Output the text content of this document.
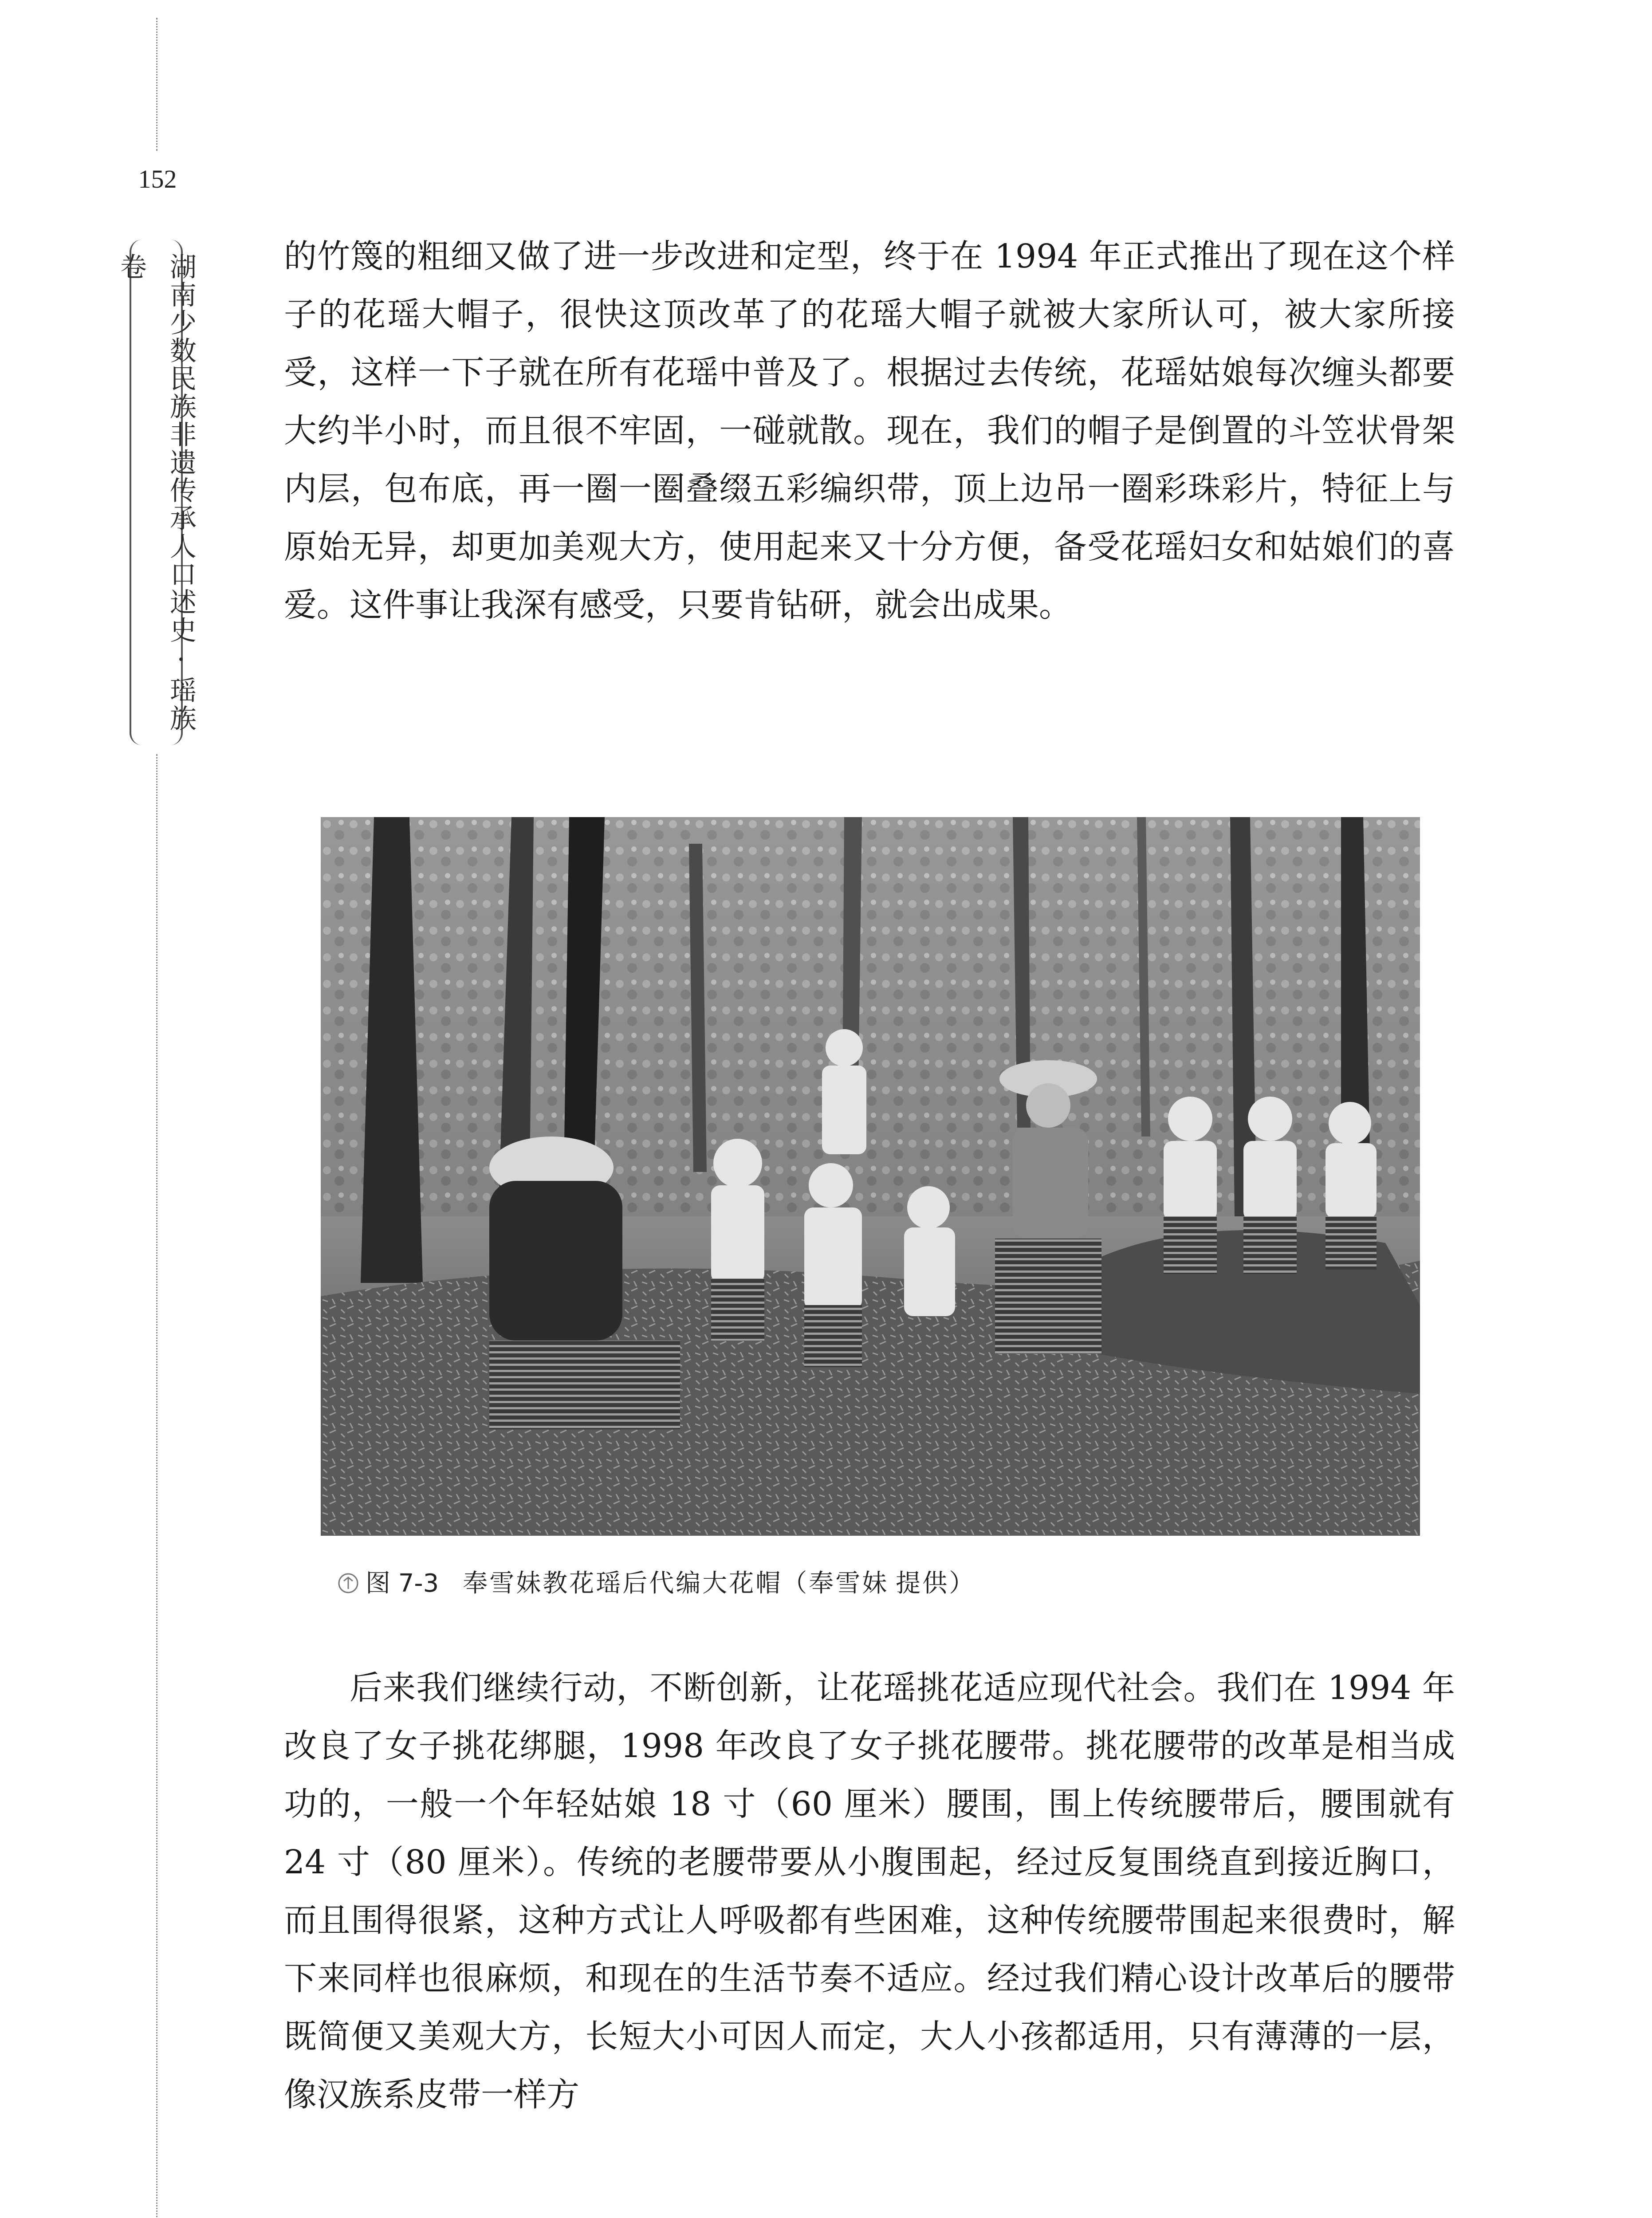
152
湖南少数民族非遗传承人口述史·瑶族卷	的竹篾的粗细又做了进一步改进和定型，终于在 1994 年正式推出了现在这个样子的花瑶大帽子，很快这顶改革了的花瑶大帽子就被大家所认可，被大家所接受，这样一下子就在所有花瑶中普及了。根据过去传统，花瑶姑娘每次缠头都要大约半小时，而且很不牢固，一碰就散。现在，我们的帽子是倒置的斗笠状骨架内层，包布底，再一圈一圈叠缀五彩编织带，顶上边吊一圈彩珠彩片，特征上与原始无异，却更加美观大方，使用起来又十分方便，备受花瑶妇女和姑娘们的喜爱。这件事让我深有感受，只要肯钻研，就会出成果。

图 7-3 奉雪妹教花瑶后代编大花帽（奉雪妹 提供）

后来我们继续行动，不断创新，让花瑶挑花适应现代社会。我们在 1994 年改良了女子挑花绑腿，1998 年改良了女子挑花腰带。挑花腰带的改革是相当成功的，一般一个年轻姑娘 18 寸（60 厘米）腰围，围上传统腰带后，腰围就有 24 寸（80 厘米）。传统的老腰带要从小腹围起，经过反复围绕直到接近胸口，而且围得很紧，这种方式让人呼吸都有些困难，这种传统腰带围起来很费时，解下来同样也很麻烦，和现在的生活节奏不适应。经过我们精心设计改革后的腰带既简便又美观大方，长短大小可因人而定，大人小孩都适用，只有薄薄的一层，像汉族系皮带一样方
